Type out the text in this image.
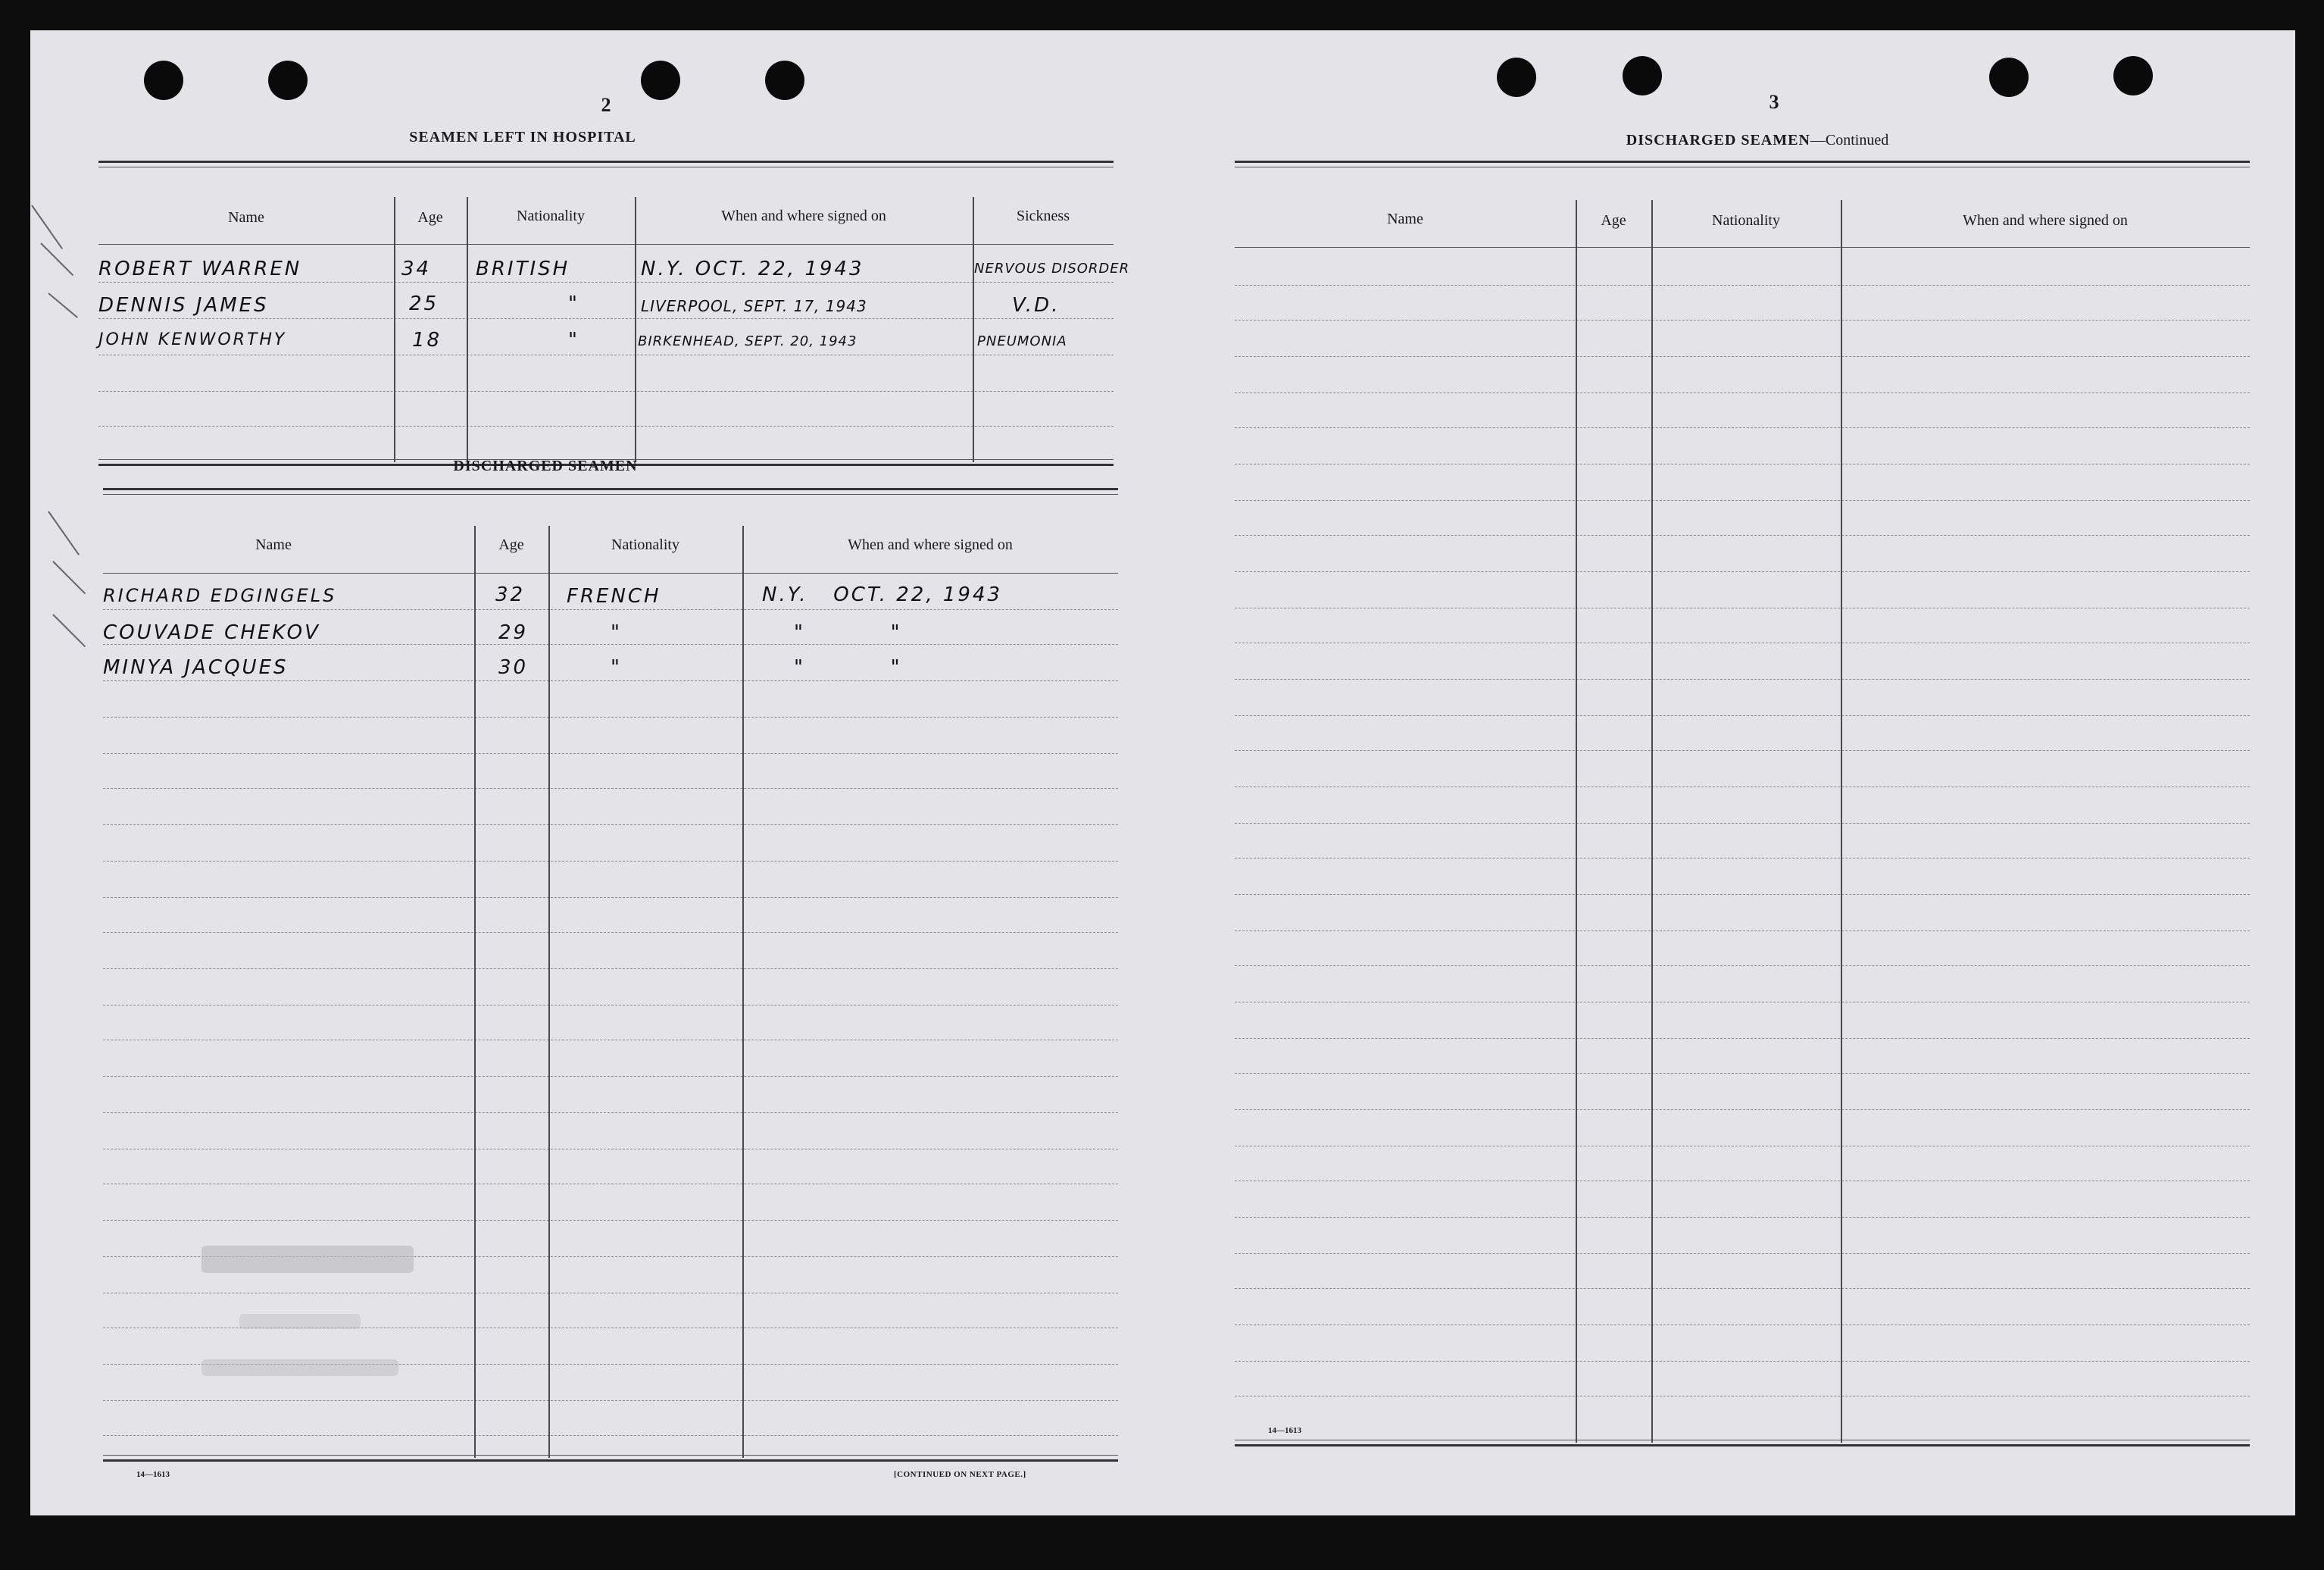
2
SEAMEN LEFT IN HOSPITAL
Name	Age	Nationality	When and where signed on	Sickness
ROBERT WARREN	34 BRITISH	N.Y. OCT. 22, 1943	NERVOUS DISORDER
DENNIS JAMES	25	"	LIVERPOOL, SEPT. 17, 1943	V.D.
JOHN KENWORTHY	18	"	BIRKENHEAD, SEPT. 20, 1943	PNEUMONIA
DISCHARGED SEAMEN
Name	Age	Nationality	When and where signed on
RICHARD EDGINGELS	32 FRENCH	N.Y.   OCT. 22, 1943
COUVADE CHEKOV	29	"	"          "
MINYA JACQUES	30	"	"          "
14—1613	[CONTINUED ON NEXT PAGE.]
3
DISCHARGED SEAMEN—Continued
Name	Age	Nationality	When and where signed on
14—1613
